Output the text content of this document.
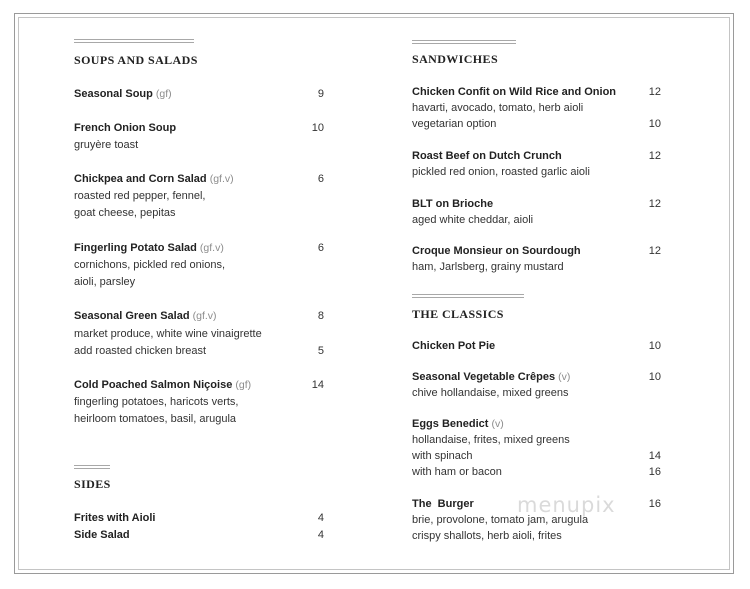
SOUPS AND SALADS
Seasonal Soup (gf)	9
French Onion Soup	10
gruyère toast
Chickpea and Corn Salad (gf.v)	6
roasted red pepper, fennel,
goat cheese, pepitas
Fingerling Potato Salad (gf.v)	6
cornichons, pickled red onions,
aioli, parsley
Seasonal Green Salad (gf.v)	8
market produce, white wine vinaigrette
add roasted chicken breast	5
Cold Poached Salmon Niçoise (gf)	14
fingerling potatoes, haricots verts,
heirloom tomatoes, basil, arugula
SIDES
Frites with Aioli	4
Side Salad	4
SANDWICHES
Chicken Confit on Wild Rice and Onion	12
havarti, avocado, tomato, herb aioli
vegetarian option	10
Roast Beef on Dutch Crunch	12
pickled red onion, roasted garlic aioli
BLT on Brioche	12
aged white cheddar, aioli
Croque Monsieur on Sourdough	12
ham, Jarlsberg, grainy mustard
THE CLASSICS
Chicken Pot Pie	10
Seasonal Vegetable Crêpes (v)	10
chive hollandaise, mixed greens
Eggs Benedict (v)
hollandaise, frites, mixed greens
with spinach	14
with ham or bacon	16
The  Burger	16
brie, provolone, tomato jam, arugula
crispy shallots, herb aioli, frites
menupix
